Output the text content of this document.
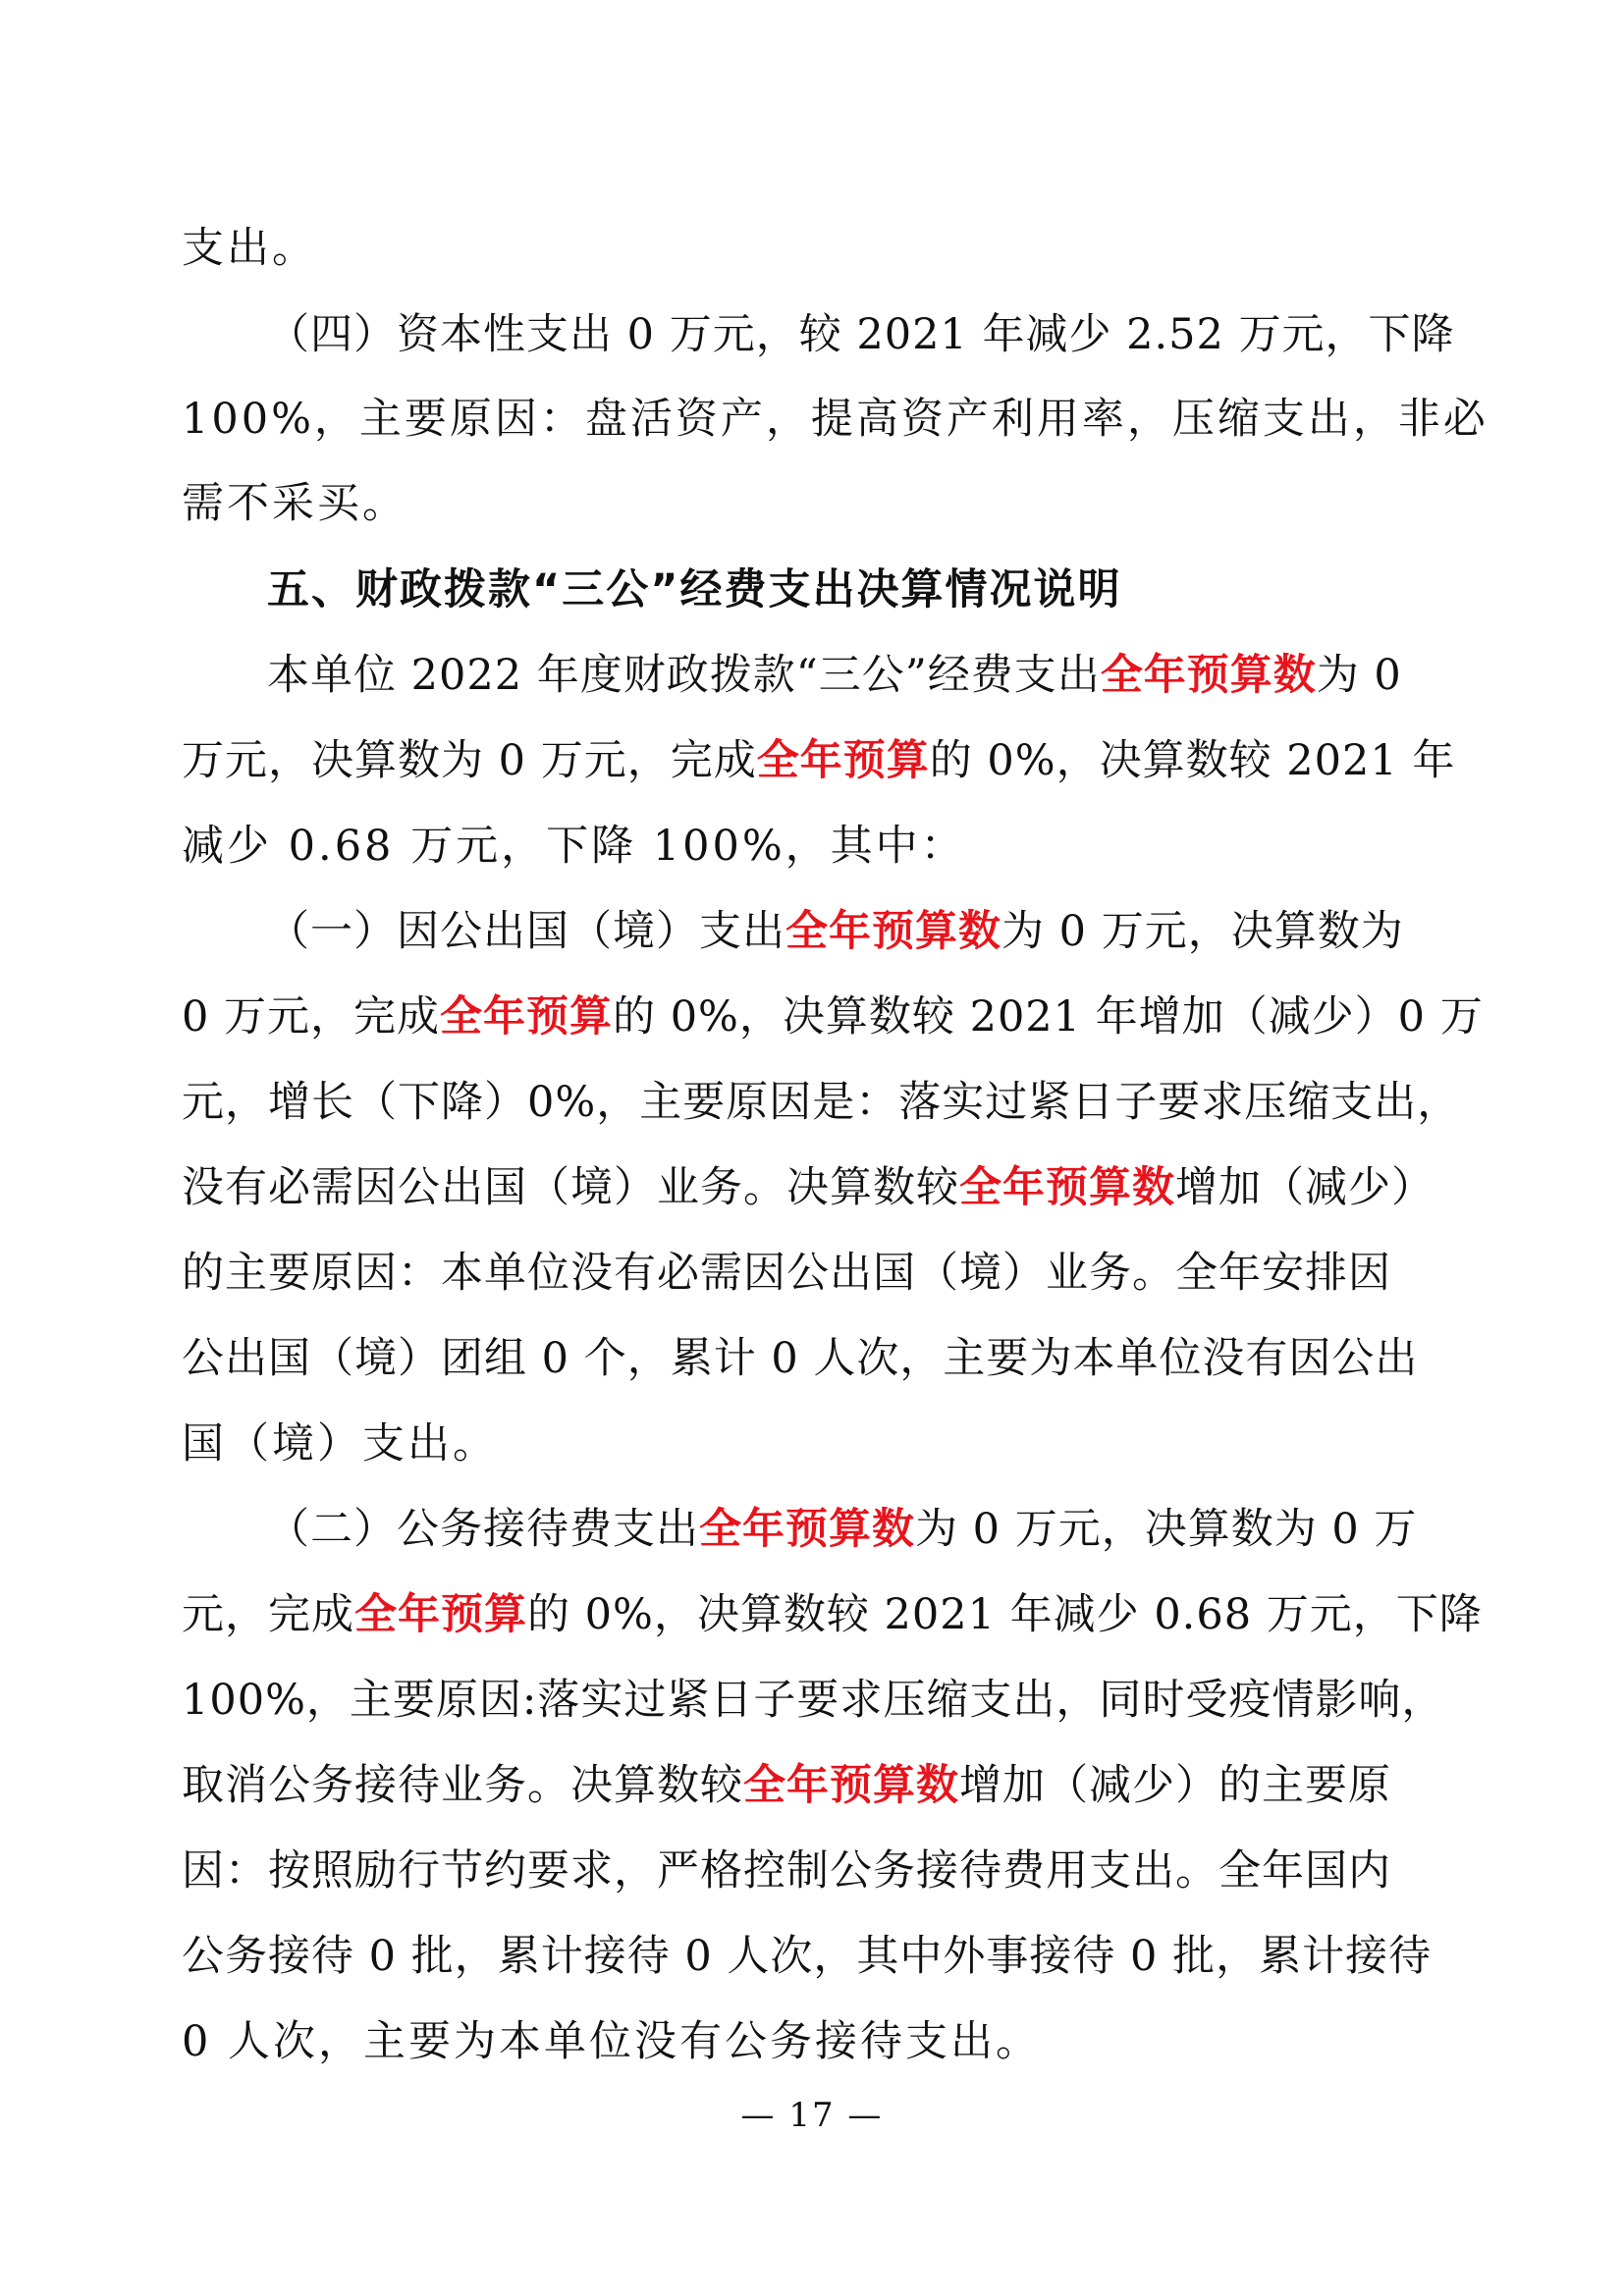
支出。
（四）资本性支出 0 万元，较 2021 年减少 2.52 万元，下降
100%，主要原因：盘活资产，提高资产利用率，压缩支出，非必
需不采买。
五、财政拨款“三公”经费支出决算情况说明
本单位 2022 年度财政拨款“三公”经费支出全年预算数为 0
万元，决算数为 0 万元，完成全年预算的 0%，决算数较 2021 年
减少 0.68 万元，下降 100%，其中：
（一）因公出国（境）支出全年预算数为 0 万元，决算数为
0 万元，完成全年预算的 0%，决算数较 2021 年增加（减少）0 万
元，增长（下降）0%，主要原因是：落实过紧日子要求压缩支出，
没有必需因公出国（境）业务。决算数较全年预算数增加（减少）
的主要原因：本单位没有必需因公出国（境）业务。全年安排因
公出国（境）团组 0 个，累计 0 人次，主要为本单位没有因公出
国（境）支出。
（二）公务接待费支出全年预算数为 0 万元，决算数为 0 万
元，完成全年预算的 0%，决算数较 2021 年减少 0.68 万元，下降
100%，主要原因:落实过紧日子要求压缩支出，同时受疫情影响，
取消公务接待业务。决算数较全年预算数增加（减少）的主要原
因：按照励行节约要求，严格控制公务接待费用支出。全年国内
公务接待 0 批，累计接待 0 人次，其中外事接待 0 批，累计接待
0 人次，主要为本单位没有公务接待支出。
— 17 —
